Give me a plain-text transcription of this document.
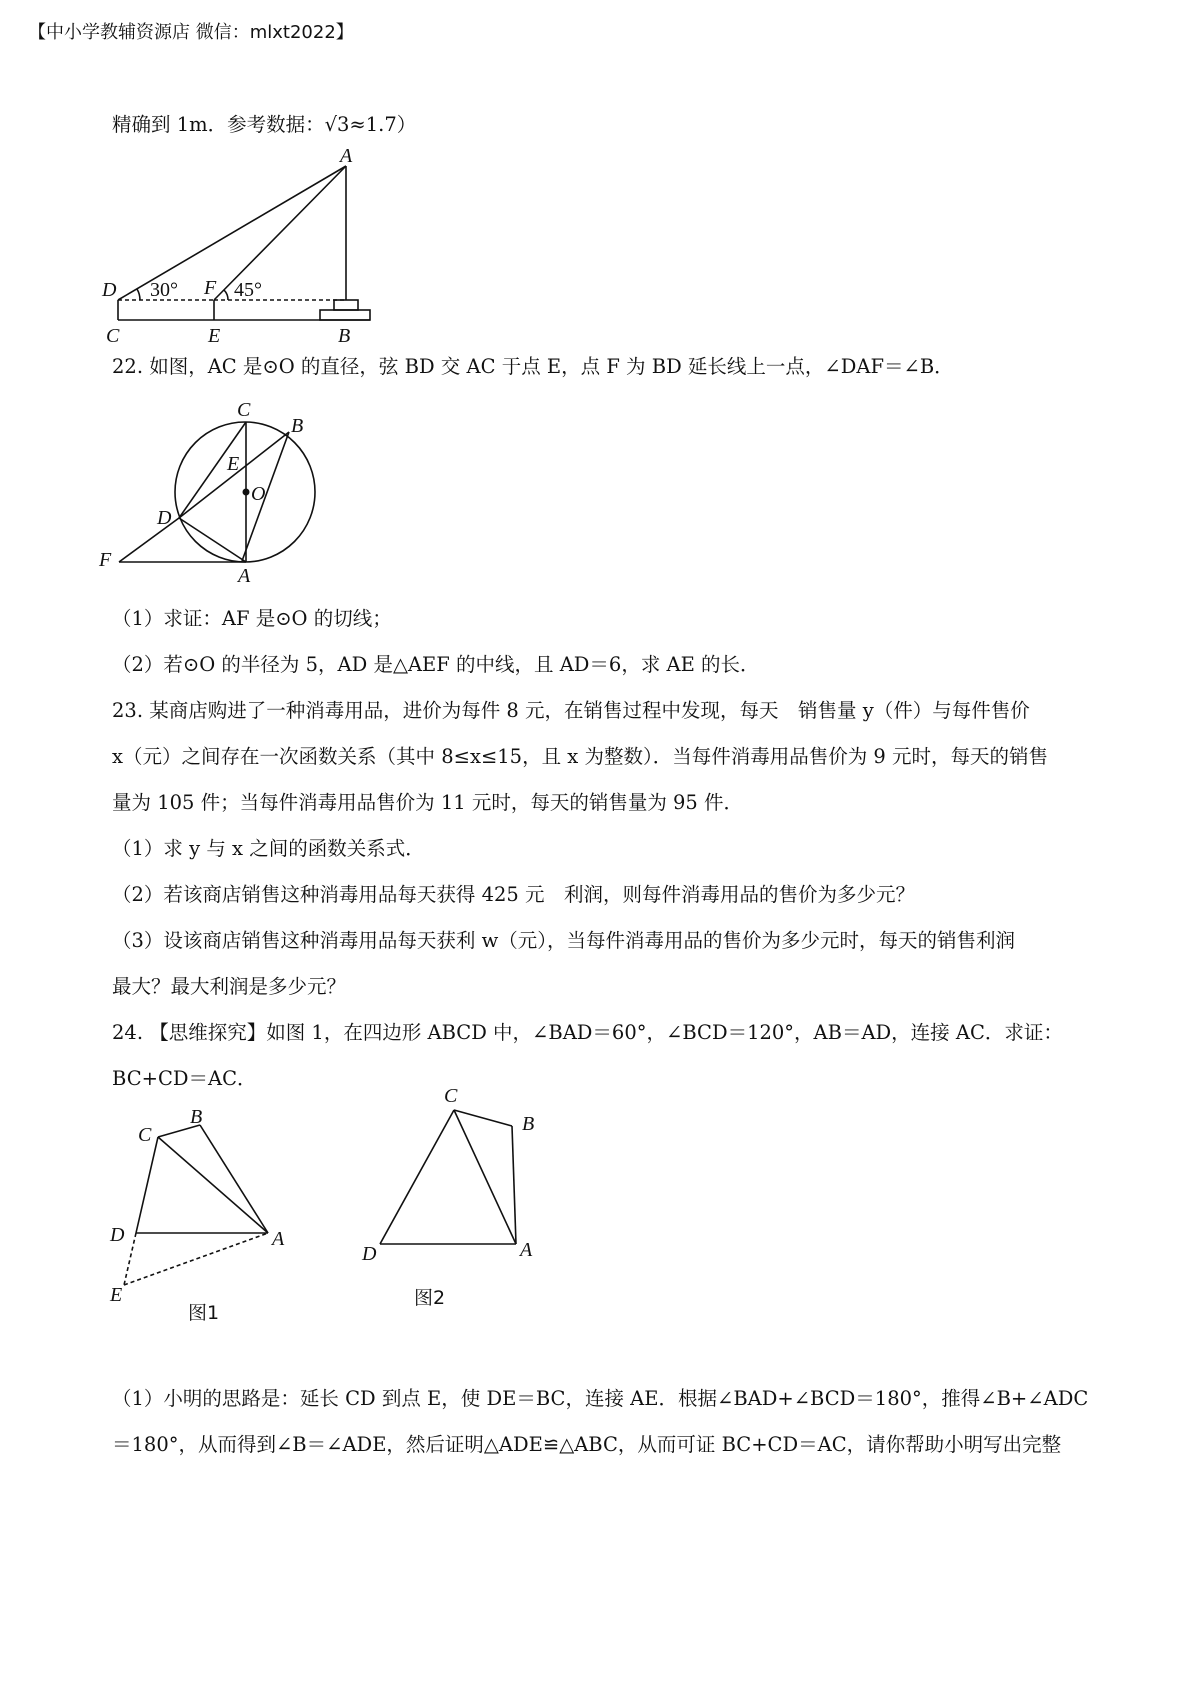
【中小学教辅资源店 微信：mlxt2022】
精确到 1m．参考数据：√3≈1.7）
A
D 30° F 45°
C	E	B
22. 如图，AC 是⊙O 的直径，弦 BD 交 AC 于点 E，点 F 为 BD 延长线上一点，∠DAF＝∠B．
C
B
E
O
D
F
A
（1）求证：AF 是⊙O 的切线；
（2）若⊙O 的半径为 5，AD 是△AEF 的中线，且 AD＝6，求 AE 的长．
23. 某商店购进了一种消毒用品，进价为每件 8 元，在销售过程中发现，每天　销售量 y（件）与每件售价
x（元）之间存在一次函数关系（其中 8≤x≤15，且 x 为整数）．当每件消毒用品售价为 9 元时，每天的销售
量为 105 件；当每件消毒用品售价为 11 元时，每天的销售量为 95 件．
（1）求 y 与 x 之间的函数关系式．
（2）若该商店销售这种消毒用品每天获得 425 元　利润，则每件消毒用品的售价为多少元？
（3）设该商店销售这种消毒用品每天获利 w（元），当每件消毒用品的售价为多少元时，每天的销售利润
最大？最大利润是多少元？
24. 【思维探究】如图 1，在四边形 ABCD 中，∠BAD＝60°，∠BCD＝120°，AB＝AD，连接 AC．求证：
BC+CD＝AC．
B
C
D	A
E
图1
C
B
D	A
图2
（1）小明的思路是：延长 CD 到点 E，使 DE＝BC，连接 AE．根据∠BAD+∠BCD＝180°，推得∠B+∠ADC
＝180°，从而得到∠B＝∠ADE，然后证明△ADE≌△ABC，从而可证 BC+CD＝AC，请你帮助小明写出完整
